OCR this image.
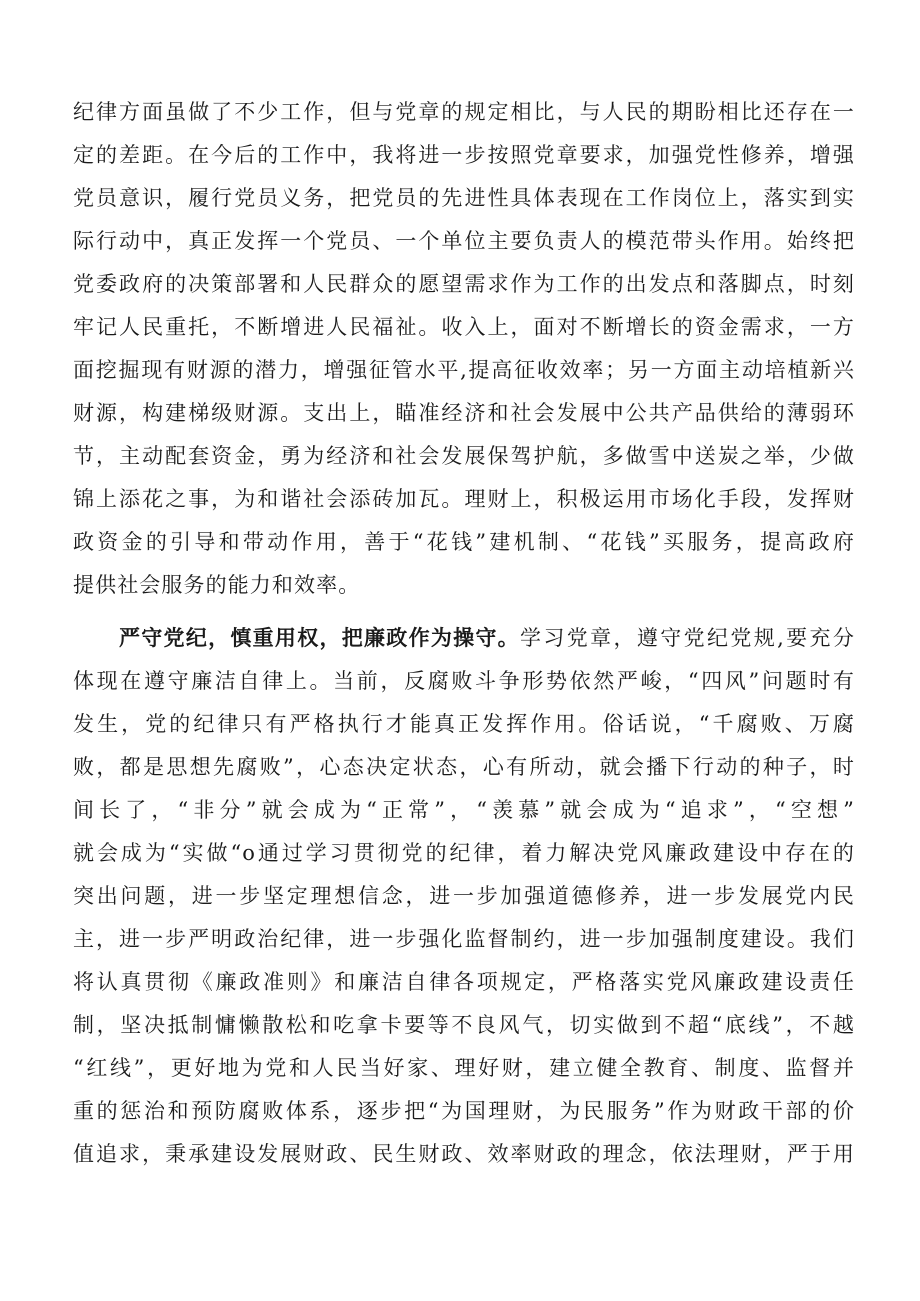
纪律方面虽做了不少工作，但与党章的规定相比，与人民的期盼相比还存在一
定的差距。在今后的工作中，我将进一步按照党章要求，加强党性修养，增强
党员意识，履行党员义务，把党员的先进性具体表现在工作岗位上，落实到实
际行动中，真正发挥一个党员、一个单位主要负责人的模范带头作用。始终把
党委政府的决策部署和人民群众的愿望需求作为工作的出发点和落脚点，时刻
牢记人民重托，不断增进人民福祉。收入上，面对不断增长的资金需求，一方
面挖掘现有财源的潜力，增强征管水平,提高征收效率；另一方面主动培植新兴
财源，构建梯级财源。支出上，瞄准经济和社会发展中公共产品供给的薄弱环
节，主动配套资金，勇为经济和社会发展保驾护航，多做雪中送炭之举，少做
锦上添花之事，为和谐社会添砖加瓦。理财上，积极运用市场化手段，发挥财
政资金的引导和带动作用，善于“花钱”建机制、“花钱”买服务，提高政府
提供社会服务的能力和效率。
严守党纪，慎重用权，把廉政作为操守。学习党章，遵守党纪党规,要充分
体现在遵守廉洁自律上。当前，反腐败斗争形势依然严峻，“四风”问题时有
发生，党的纪律只有严格执行才能真正发挥作用。俗话说，“千腐败、万腐
败，都是思想先腐败”，心态决定状态，心有所动，就会播下行动的种子，时
间长了，“非分”就会成为“正常”，“羡慕”就会成为“追求”，“空想”
就会成为“实做“o通过学习贯彻党的纪律，着力解决党风廉政建设中存在的
突出问题，进一步坚定理想信念，进一步加强道德修养，进一步发展党内民
主，进一步严明政治纪律，进一步强化监督制约，进一步加强制度建设。我们
将认真贯彻《廉政准则》和廉洁自律各项规定，严格落实党风廉政建设责任
制，坚决抵制慵懒散松和吃拿卡要等不良风气，切实做到不超“底线”，不越
“红线”，更好地为党和人民当好家、理好财，建立健全教育、制度、监督并
重的惩治和预防腐败体系，逐步把“为国理财，为民服务”作为财政干部的价
值追求，秉承建设发展财政、民生财政、效率财政的理念，依法理财，严于用
